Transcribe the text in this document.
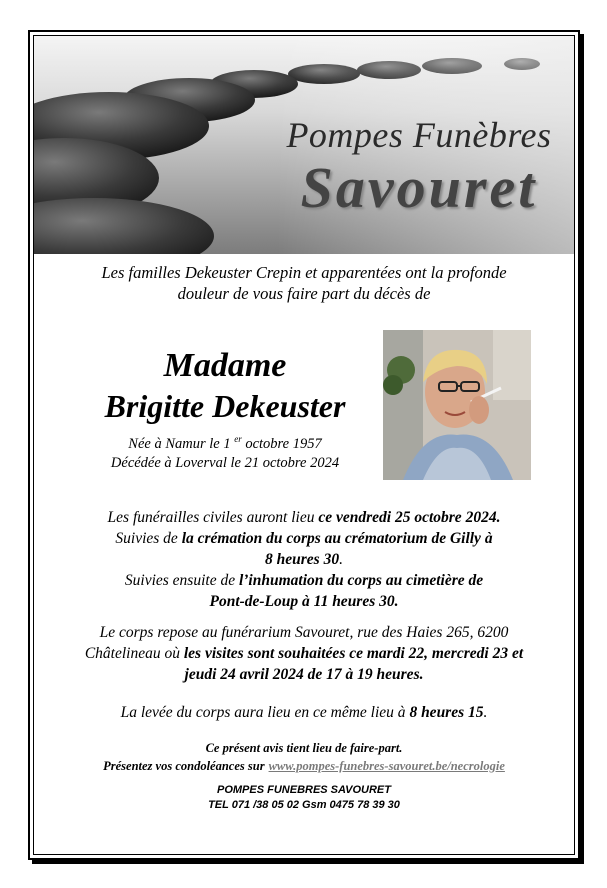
Pompes Funèbres
Savouret
Les familles Dekeuster Crepin et apparentées ont la profonde
douleur de vous faire part du décès de
Madame
Brigitte Dekeuster
Née à Namur le 1 $^{er}$ octobre 1957
Décédée à Loverval le 21 octobre 2024
Les funérailles civiles auront lieu ce vendredi 25 octobre 2024.
Suivies de la crémation du corps au crématorium de Gilly à
8 heures 30.
Suivies ensuite de l’inhumation du corps au cimetière de
Pont-de-Loup à 11 heures 30.
Le corps repose au funérarium Savouret, rue des Haies 265, 6200
Châtelineau où les visites sont souhaitées ce mardi 22, mercredi 23 et
jeudi 24 avril 2024 de 17 à 19 heures.
La levée du corps aura lieu en ce même lieu à 8 heures 15.
Ce présent avis tient lieu de faire-part.
Présentez vos condoléances sur www.pompes-funebres-savouret.be/necrologie
POMPES FUNEBRES SAVOURET
TEL 071 /38 05 02 Gsm 0475 78 39 30
